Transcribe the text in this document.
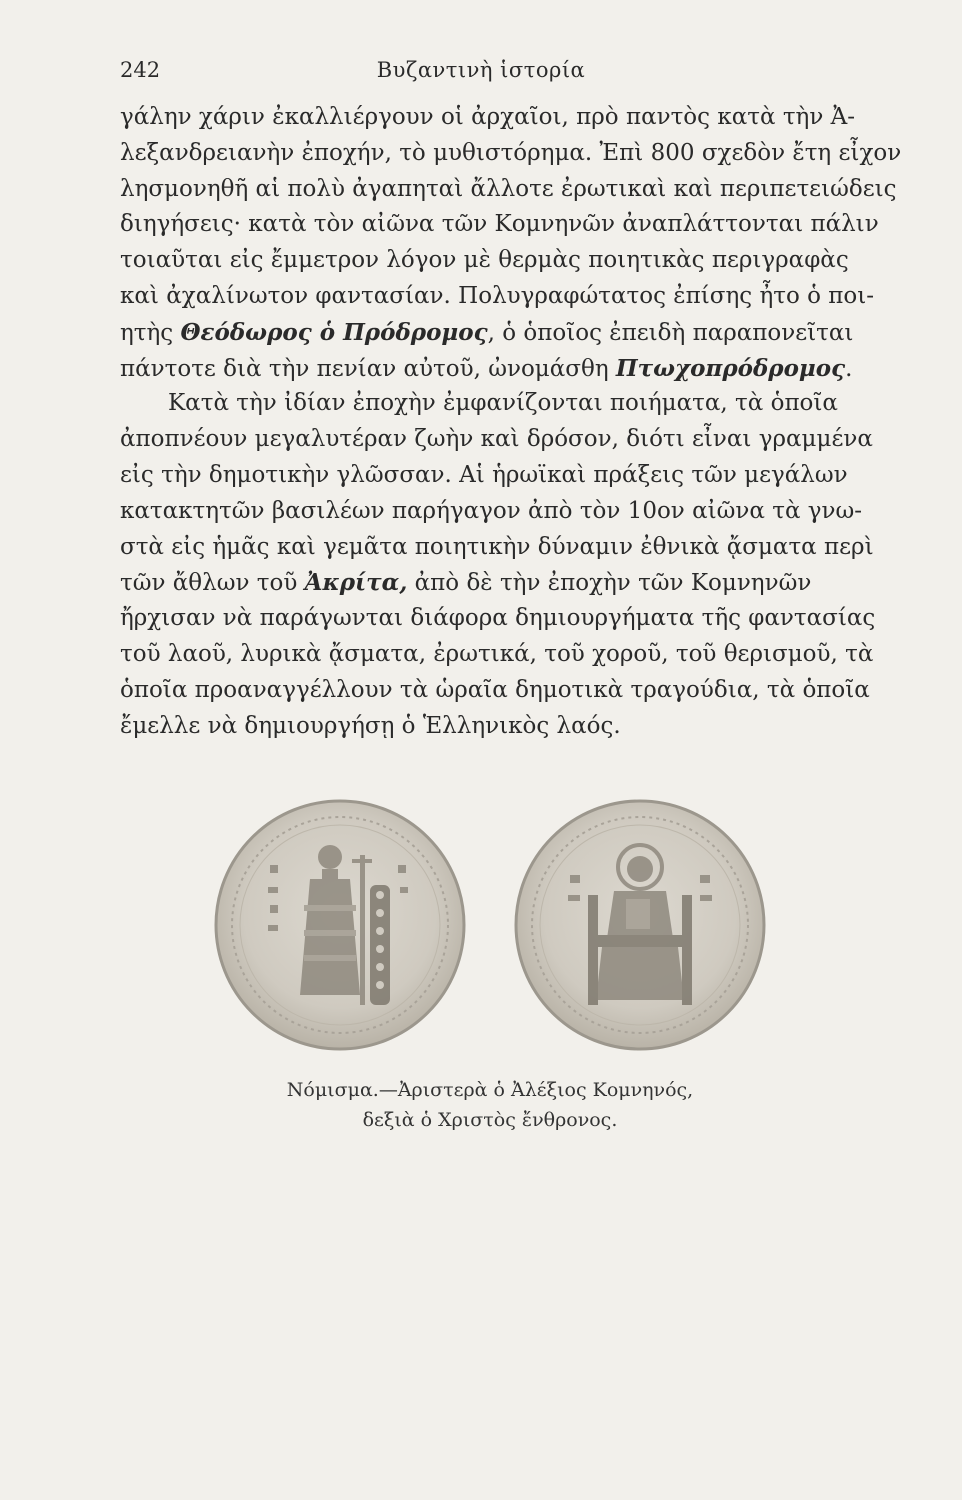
242	Βυζαντινὴ ἱστορία
γάλην χάριν ἐκαλλιέργουν οἱ ἀρχαῖοι, πρὸ παντὸς κατὰ τὴν Ἀ-
λεξανδρειανὴν ἐποχήν, τὸ μυθιστόρημα. Ἐπὶ 800 σχεδὸν ἔτη εἶχον
λησμονηθῆ αἱ πολὺ ἀγαπηταὶ ἄλλοτε ἐρωτικαὶ καὶ περιπετειώδεις
διηγήσεις· κατὰ τὸν αἰῶνα τῶν Κομνηνῶν ἀναπλάττονται πάλιν
τοιαῦται εἰς ἔμμετρον λόγον μὲ θερμὰς ποιητικὰς περιγραφὰς
καὶ ἀχαλίνωτον φαντασίαν. Πολυγραφώτατος ἐπίσης ἦτο ὁ ποι-
ητὴς Θεόδωρος ὁ Πρόδρομος, ὁ ὁποῖος ἐπειδὴ παραπονεῖται
πάντοτε διὰ τὴν πενίαν αὐτοῦ, ὠνομάσθη Πτωχοπρόδρομος.
Κατὰ τὴν ἰδίαν ἐποχὴν ἐμφανίζονται ποιήματα, τὰ ὁποῖα
ἀποπνέουν μεγαλυτέραν ζωὴν καὶ δρόσον, διότι εἶναι γραμμένα
εἰς τὴν δημοτικὴν γλῶσσαν. Αἱ ἡρωϊκαὶ πράξεις τῶν μεγάλων
κατακτητῶν βασιλέων παρήγαγον ἀπὸ τὸν 10ον αἰῶνα τὰ γνω-
στὰ εἰς ἡμᾶς καὶ γεμᾶτα ποιητικὴν δύναμιν ἐθνικὰ ᾄσματα περὶ
τῶν ἄθλων τοῦ Ἀκρίτα, ἀπὸ δὲ τὴν ἐποχὴν τῶν Κομνηνῶν
ἤρχισαν νὰ παράγωνται διάφορα δημιουργήματα τῆς φαντασίας
τοῦ λαοῦ, λυρικὰ ᾄσματα, ἐρωτικά, τοῦ χοροῦ, τοῦ θερισμοῦ, τὰ
ὁποῖα προαναγγέλλουν τὰ ὡραῖα δημοτικὰ τραγούδια, τὰ ὁποῖα
ἔμελλε νὰ δημιουργήσῃ ὁ Ἑλληνικὸς λαός.
Νόμισμα.—Ἀριστερὰ ὁ Ἀλέξιος Κομνηνός,
δεξιὰ ὁ Χριστὸς ἔνθρονος.
